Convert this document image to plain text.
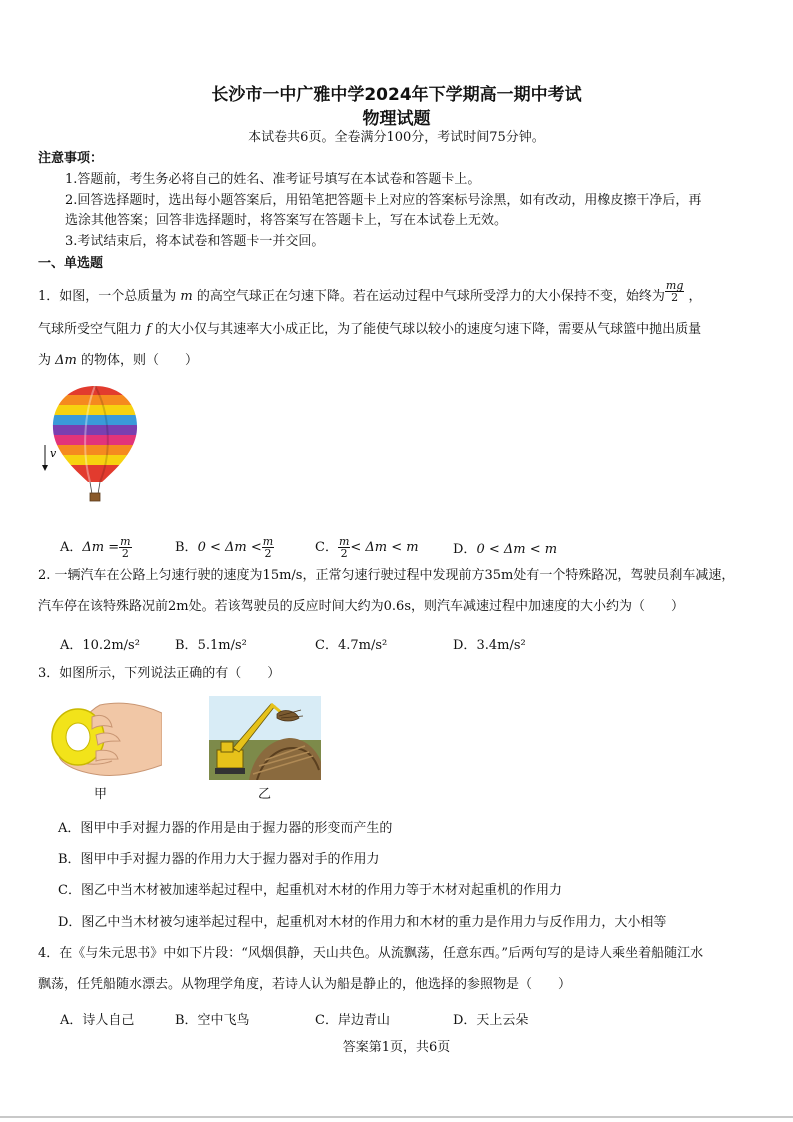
长沙市一中广雅中学2024年下学期高一期中考试
物理试题
本试卷共6页。全卷满分100分，考试时间75分钟。
注意事项：
1.答题前，考生务必将自己的姓名、准考证号填写在本试卷和答题卡上。
2.回答选择题时，选出每小题答案后，用铅笔把答题卡上对应的答案标号涂黑，如有改动，用橡皮擦干净后，再
选涂其他答案；回答非选择题时，将答案写在答题卡上，写在本试卷上无效。
3.考试结束后，将本试卷和答题卡一并交回。
一、单选题
1．如图，一个总质量为 m 的高空气球正在匀速下降。若在运动过程中气球所受浮力的大小保持不变，始终为 $\frac{mg}{2}$ ，
气球所受空气阻力 f 的大小仅与其速率大小成正比，为了能使气球以较小的速度匀速下降，需要从气球篮中抛出质量
为 Δm 的物体，则（　　）
v
A．$\Delta m = \frac{m}{2}$	B．$0 < \Delta m < \frac{m}{2}$	C． $\frac{m}{2} < \Delta m < m$	D．0 < Δm < m
2. 一辆汽车在公路上匀速行驶的速度为15m/s，正常匀速行驶过程中发现前方35m处有一个特殊路况，驾驶员刹车减速，
汽车停在该特殊路况前2m处。若该驾驶员的反应时间大约为0.6s，则汽车减速过程中加速度的大小约为（　　）
A．10.2m/s²	B．5.1m/s²	C．4.7m/s²	D．3.4m/s²
3．如图所示，下列说法正确的有（　　）
甲	乙
A．图甲中手对握力器的作用是由于握力器的形变而产生的
B．图甲中手对握力器的作用力大于握力器对手的作用力
C．图乙中当木材被加速举起过程中，起重机对木材的作用力等于木材对起重机的作用力
D．图乙中当木材被匀速举起过程中，起重机对木材的作用力和木材的重力是作用力与反作用力，大小相等
4．在《与朱元思书》中如下片段：“风烟俱静，天山共色。从流飘荡，任意东西。”后两句写的是诗人乘坐着船随江水
飘荡，任凭船随水漂去。从物理学角度，若诗人认为船是静止的，他选择的参照物是（　　）
A．诗人自己	B．空中飞鸟	C．岸边青山	D．天上云朵
答案第1页，共6页
